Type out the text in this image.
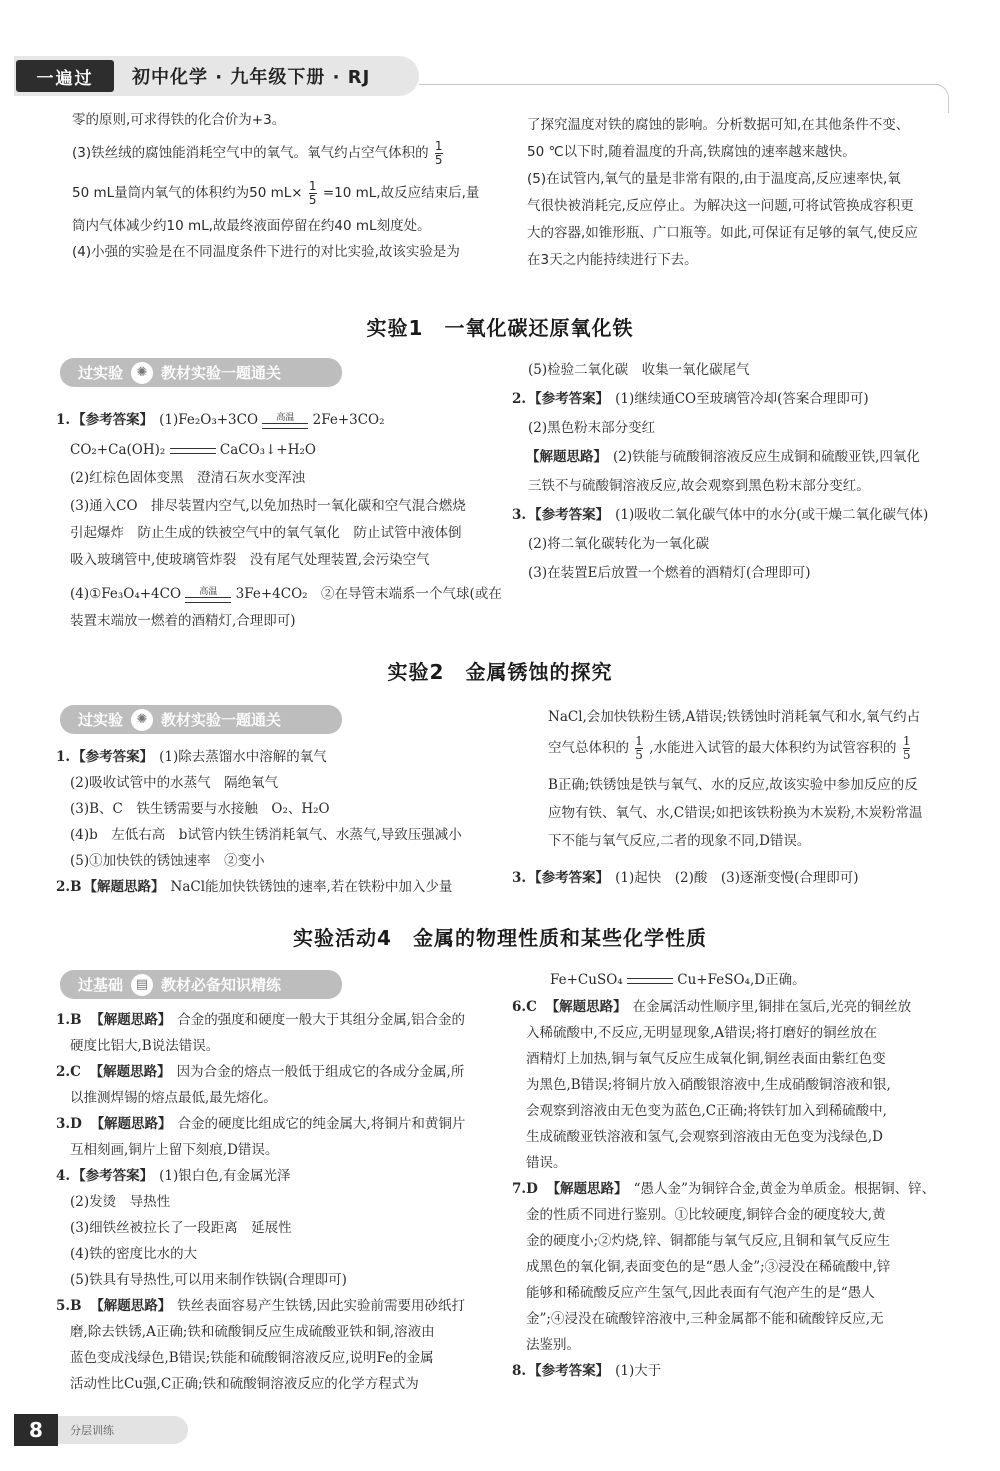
一遍过	初中化学 · 九年级下册 · RJ
零的原则,可求得铁的化合价为+3。
(3)铁丝绒的腐蚀能消耗空气中的氧气。氧气约占空气体积的 $\frac{1}{5}$
50 mL量筒内氧气的体积约为50 $mL\times \frac{1}{5} =10$ mL,故反应结束后,量
筒内气体减少约10 mL,故最终液面停留在约40 mL刻度处。
(4)小强的实验是在不同温度条件下进行的对比实验,故该实验是为
了探究温度对铁的腐蚀的影响。分析数据可知,在其他条件不变、
50 ℃以下时,随着温度的升高,铁腐蚀的速率越来越快。
(5)在试管内,氧气的量是非常有限的,由于温度高,反应速率快,氧
气很快被消耗完,反应停止。为解决这一问题,可将试管换成容积更
大的容器,如锥形瓶、广口瓶等。如此,可保证有足够的氧气,使反应
在3天之内能持续进行下去。
实验1　一氧化碳还原氧化铁
过实验	✺ 教材实验一题通关
1. 【参考答案】 (1)Fe₂O₃+3CO	高温	2Fe+3CO₂
CO₂+Ca(OH)₂	CaCO₃↓+H₂O
(2)红棕色固体变黑　澄清石灰水变浑浊
(3)通入CO　排尽装置内空气,以免加热时一氧化碳和空气混合燃烧
引起爆炸　防止生成的铁被空气中的氧气氧化　防止试管中液体倒
吸入玻璃管中,使玻璃管炸裂　没有尾气处理装置,会污染空气
(4)①Fe₃O₄+4CO	高温	3Fe+4CO₂　②在导管末端系一个气球(或在
装置末端放一燃着的酒精灯,合理即可)
(5)检验二氧化碳　收集一氧化碳尾气
2. 【参考答案】 (1)继续通CO至玻璃管冷却(答案合理即可)
(2)黑色粉末部分变红
【解题思路】 (2)铁能与硫酸铜溶液反应生成铜和硫酸亚铁,四氧化
三铁不与硫酸铜溶液反应,故会观察到黑色粉末部分变红。
3. 【参考答案】 (1)吸收二氧化碳气体中的水分(或干燥二氧化碳气体)
(2)将二氧化碳转化为一氧化碳
(3)在装置E后放置一个燃着的酒精灯(合理即可)
实验2　金属锈蚀的探究
过实验	✺ 教材实验一题通关
1. 【参考答案】 (1)除去蒸馏水中溶解的氧气
(2)吸收试管中的水蒸气　隔绝氧气
(3)B、C　铁生锈需要与水接触　O₂、H₂O
(4)b　左低右高　b试管内铁生锈消耗氧气、水蒸气,导致压强减小
(5)①加快铁的锈蚀速率　②变小
2.B 【解题思路】 NaCl能加快铁锈蚀的速率,若在铁粉中加入少量
NaCl,会加快铁粉生锈,A错误;铁锈蚀时消耗氧气和水,氧气约占
空气总体积的 $\frac{1}{5}$ ,水能进入试管的最大体积约为试管容积的 $\frac{1}{5}$
B正确;铁锈蚀是铁与氧气、水的反应,故该实验中参加反应的反
应物有铁、氧气、水,C错误;如把该铁粉换为木炭粉,木炭粉常温
下不能与氧气反应,二者的现象不同,D错误。
3. 【参考答案】 (1)起快　(2)酸　(3)逐渐变慢(合理即可)
实验活动4　金属的物理性质和某些化学性质
过基础 ▤ 教材必备知识精练
1.B　 【解题思路】 合金的强度和硬度一般大于其组分金属,铝合金的
硬度比铝大,B说法错误。
2.C　 【解题思路】 因为合金的熔点一般低于组成它的各成分金属,所
以推测焊锡的熔点最低,最先熔化。
3.D　 【解题思路】 合金的硬度比组成它的纯金属大,将铜片和黄铜片
互相刻画,铜片上留下刻痕,D错误。
4. 【参考答案】 (1)银白色,有金属光泽
(2)发烫　导热性
(3)细铁丝被拉长了一段距离　延展性
(4)铁的密度比水的大
(5)铁具有导热性,可以用来制作铁锅(合理即可)
5.B　 【解题思路】 铁丝表面容易产生铁锈,因此实验前需要用砂纸打
磨,除去铁锈,A正确;铁和硫酸铜反应生成硫酸亚铁和铜,溶液由
蓝色变成浅绿色,B错误;铁能和硫酸铜溶液反应,说明Fe的金属
活动性比Cu强,C正确;铁和硫酸铜溶液反应的化学方程式为
Fe+CuSO₄	Cu+FeSO₄,D正确。
6.C　 【解题思路】 在金属活动性顺序里,铜排在氢后,光亮的铜丝放
入稀硫酸中,不反应,无明显现象,A错误;将打磨好的铜丝放在
酒精灯上加热,铜与氧气反应生成氧化铜,铜丝表面由紫红色变
为黑色,B错误;将铜片放入硝酸银溶液中,生成硝酸铜溶液和银,
会观察到溶液由无色变为蓝色,C正确;将铁钉加入到稀硫酸中,
生成硫酸亚铁溶液和氢气,会观察到溶液由无色变为浅绿色,D
错误。
7.D　 【解题思路】 “愚人金”为铜锌合金,黄金为单质金。根据铜、锌、
金的性质不同进行鉴别。①比较硬度,铜锌合金的硬度较大,黄
金的硬度小;②灼烧,锌、铜都能与氧气反应,且铜和氧气反应生
成黑色的氧化铜,表面变色的是“愚人金”;③浸没在稀硫酸中,锌
能够和稀硫酸反应产生氢气,因此表面有气泡产生的是“愚人
金”;④浸没在硫酸锌溶液中,三种金属都不能和硫酸锌反应,无
法鉴别。
8. 【参考答案】 (1)大于
分层训练
8
